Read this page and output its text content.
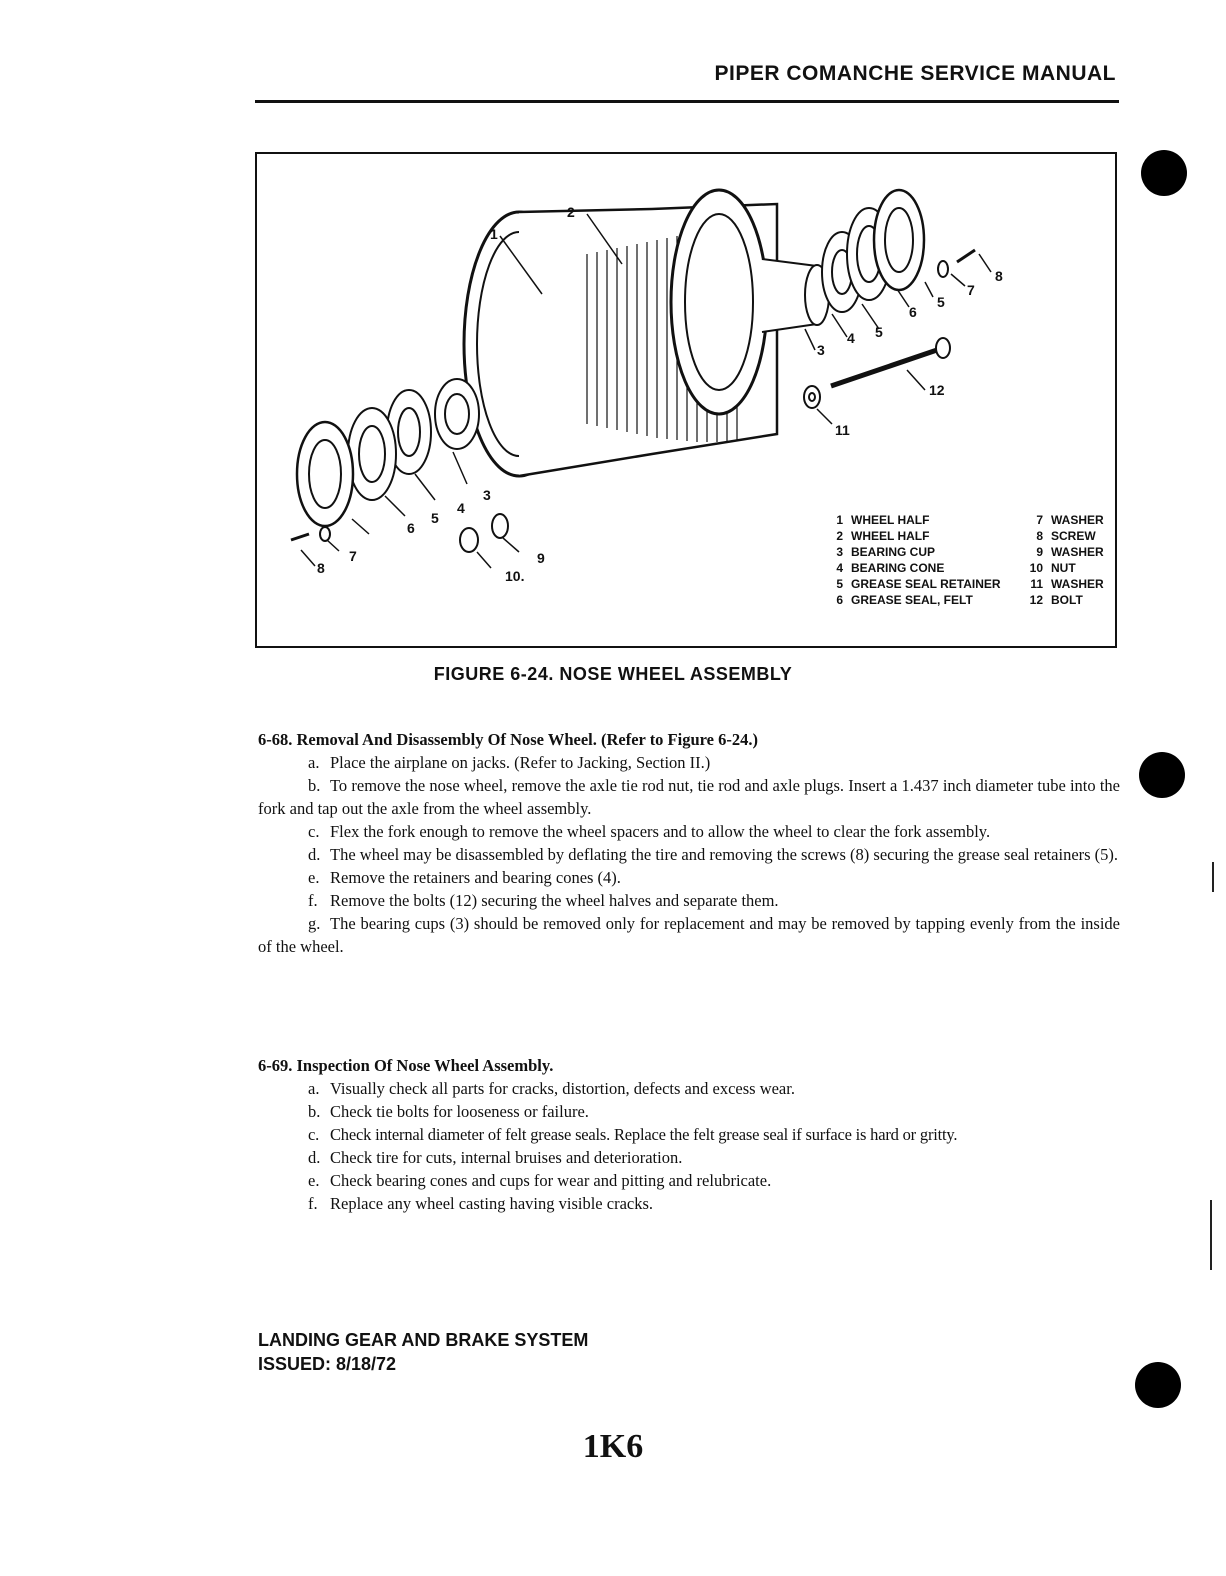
PIPER COMANCHE SERVICE MANUAL
1
2
3
4 5
6
5
7
8
12
11
3
4
5
6
7
8
9
10.
1 WHEEL HALF	7 WASHER
2 WHEEL HALF	8 SCREW
3 BEARING CUP	9 WASHER
4 BEARING CONE	10 NUT
5 GREASE SEAL RETAINER	11 WASHER
6 GREASE SEAL, FELT	12 BOLT
FIGURE 6-24. NOSE WHEEL ASSEMBLY
6-68. Removal And Disassembly Of Nose Wheel. (Refer to Figure 6-24.)
a. Place the airplane on jacks. (Refer to Jacking, Section II.)
b. To remove the nose wheel, remove the axle tie rod nut, tie rod and axle plugs. Insert a 1.437 inch diameter tube into the fork and tap out the axle from the wheel assembly.
c. Flex the fork enough to remove the wheel spacers and to allow the wheel to clear the fork assembly.
d. The wheel may be disassembled by deflating the tire and removing the screws (8) securing the grease seal retainers (5).
e. Remove the retainers and bearing cones (4).
f. Remove the bolts (12) securing the wheel halves and separate them.
g. The bearing cups (3) should be removed only for replacement and may be removed by tapping evenly from the inside of the wheel.
6-69. Inspection Of Nose Wheel Assembly.
a. Visually check all parts for cracks, distortion, defects and excess wear.
b. Check tie bolts for looseness or failure.
c. Check internal diameter of felt grease seals. Replace the felt grease seal if surface is hard or gritty.
d. Check tire for cuts, internal bruises and deterioration.
e. Check bearing cones and cups for wear and pitting and relubricate.
f. Replace any wheel casting having visible cracks.
LANDING GEAR AND BRAKE SYSTEM
ISSUED: 8/18/72
1K6
